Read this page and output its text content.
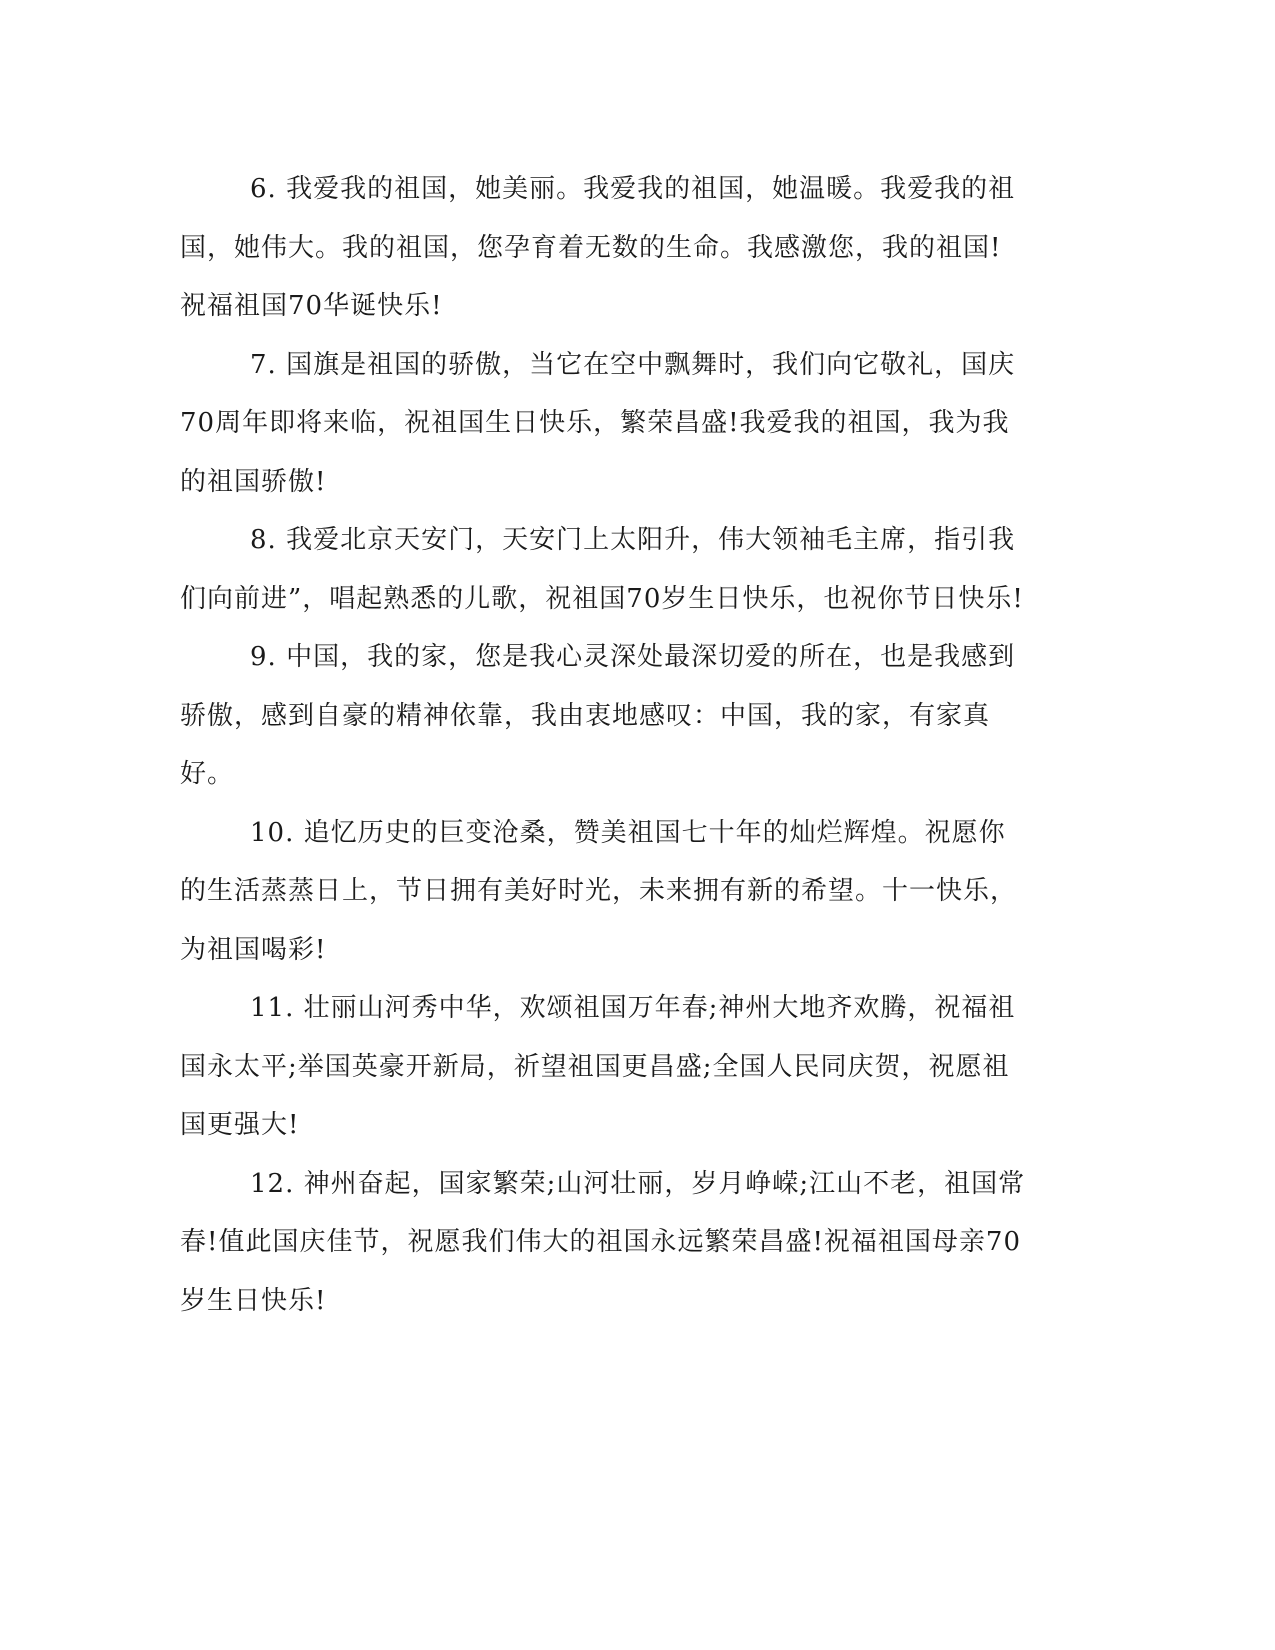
6. 我爱我的祖国，她美丽。我爱我的祖国，她温暖。我爱我的祖国，她伟大。我的祖国，您孕育着无数的生命。我感激您，我的祖国!祝福祖国70华诞快乐!

7. 国旗是祖国的骄傲，当它在空中飘舞时，我们向它敬礼，国庆70周年即将来临，祝祖国生日快乐，繁荣昌盛!我爱我的祖国，我为我的祖国骄傲!

8. 我爱北京天安门，天安门上太阳升，伟大领袖毛主席，指引我们向前进”，唱起熟悉的儿歌，祝祖国70岁生日快乐，也祝你节日快乐!

9. 中国，我的家，您是我心灵深处最深切爱的所在，也是我感到骄傲，感到自豪的精神依靠，我由衷地感叹：中国，我的家，有家真好。

10. 追忆历史的巨变沧桑，赞美祖国七十年的灿烂辉煌。祝愿你的生活蒸蒸日上，节日拥有美好时光，未来拥有新的希望。十一快乐，为祖国喝彩!

11. 壮丽山河秀中华，欢颂祖国万年春;神州大地齐欢腾，祝福祖国永太平;举国英豪开新局，祈望祖国更昌盛;全国人民同庆贺，祝愿祖国更强大!

12. 神州奋起，国家繁荣;山河壮丽，岁月峥嵘;江山不老，祖国常春!值此国庆佳节，祝愿我们伟大的祖国永远繁荣昌盛!祝福祖国母亲70岁生日快乐!
